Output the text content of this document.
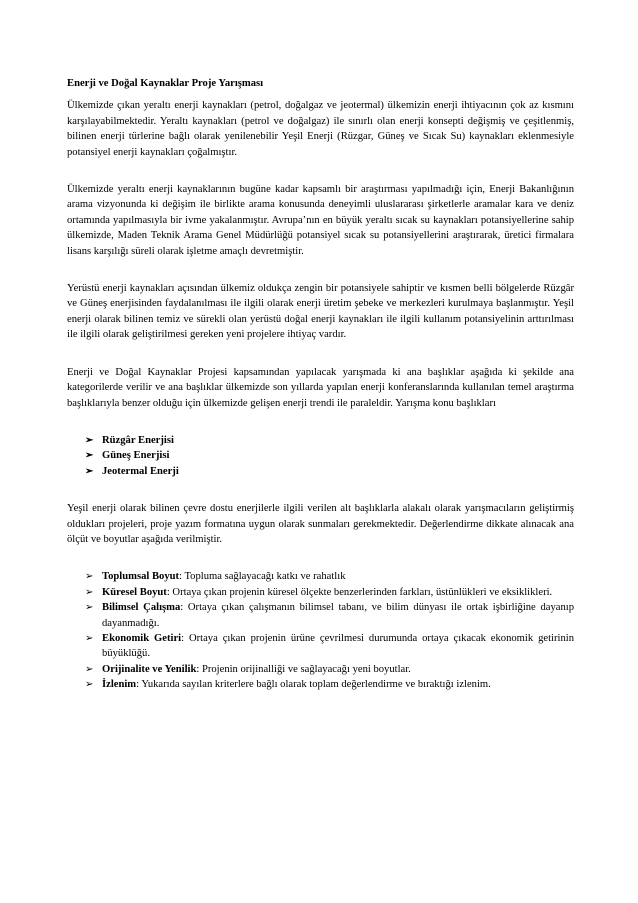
Enerji ve Doğal Kaynaklar Proje Yarışması

Ülkemizde çıkan yeraltı enerji kaynakları (petrol, doğalgaz ve jeotermal) ülkemizin enerji ihtiyacının çok az kısmını karşılayabilmektedir. Yeraltı kaynakları (petrol ve doğalgaz) ile sınırlı olan enerji konsepti değişmiş ve çeşitlenmiş, bilinen enerji türlerine bağlı olarak yenilenebilir Yeşil Enerji (Rüzgar, Güneş ve Sıcak Su) kaynakları eklenmesiyle potansiyel enerji kaynakları çoğalmıştır.

Ülkemizde yeraltı enerji kaynaklarının bugüne kadar kapsamlı bir araştırması yapılmadığı için, Enerji Bakanlığının arama vizyonunda ki değişim ile birlikte arama konusunda deneyimli uluslararası şirketlerle aramalar kara ve deniz ortamında yapılmasıyla bir ivme yakalanmıştır. Avrupa’nın en büyük yeraltı sıcak su kaynakları potansiyellerine sahip ülkemizde, Maden Teknik Arama Genel Müdürlüğü potansiyel sıcak su potansiyellerini araştırarak, üretici firmalara lisans karşılığı süreli olarak işletme amaçlı devretmiştir.

Yerüstü enerji kaynakları açısından ülkemiz oldukça zengin bir potansiyele sahiptir ve kısmen belli bölgelerde Rüzgâr ve Güneş enerjisinden faydalanılması ile ilgili olarak enerji üretim şebeke ve merkezleri kurulmaya başlanmıştır. Yeşil enerji olarak bilinen temiz ve sürekli olan yerüstü doğal enerji kaynakları ile ilgili kullanım potansiyelinin arttırılması ile ilgili olarak geliştirilmesi gereken yeni projelere ihtiyaç vardır.

Enerji ve Doğal Kaynaklar Projesi kapsamından yapılacak yarışmada ki ana başlıklar aşağıda ki şekilde ana kategorilerde verilir ve ana başlıklar ülkemizde son yıllarda yapılan enerji konferanslarında kullanılan temel araştırma başlıklarıyla benzer olduğu için ülkemizde gelişen enerji trendi ile paraleldir. Yarışma konu başlıkları

➢ Rüzgâr Enerjisi
➢ Güneş Enerjisi
➢ Jeotermal Enerji

Yeşil enerji olarak bilinen çevre dostu enerjilerle ilgili verilen alt başlıklarla alakalı olarak yarışmacıların geliştirmiş oldukları projeleri, proje yazım formatına uygun olarak sunmaları gerekmektedir. Değerlendirme dikkate alınacak ana ölçüt ve boyutlar aşağıda verilmiştir.

➢ Toplumsal Boyut: Topluma sağlayacağı katkı ve rahatlık
➢ Küresel Boyut: Ortaya çıkan projenin küresel ölçekte benzerlerinden farkları, üstünlükleri ve eksiklikleri.
➢ Bilimsel Çalışma: Ortaya çıkan çalışmanın bilimsel tabanı, ve bilim dünyası ile ortak işbirliğine dayanıp dayanmadığı.
➢ Ekonomik Getiri: Ortaya çıkan projenin ürüne çevrilmesi durumunda ortaya çıkacak ekonomik getirinin büyüklüğü.
➢ Orijinalite ve Yenilik: Projenin orijinalliği ve sağlayacağı yeni boyutlar.
➢ İzlenim: Yukarıda sayılan kriterlere bağlı olarak toplam değerlendirme ve bıraktığı izlenim.
